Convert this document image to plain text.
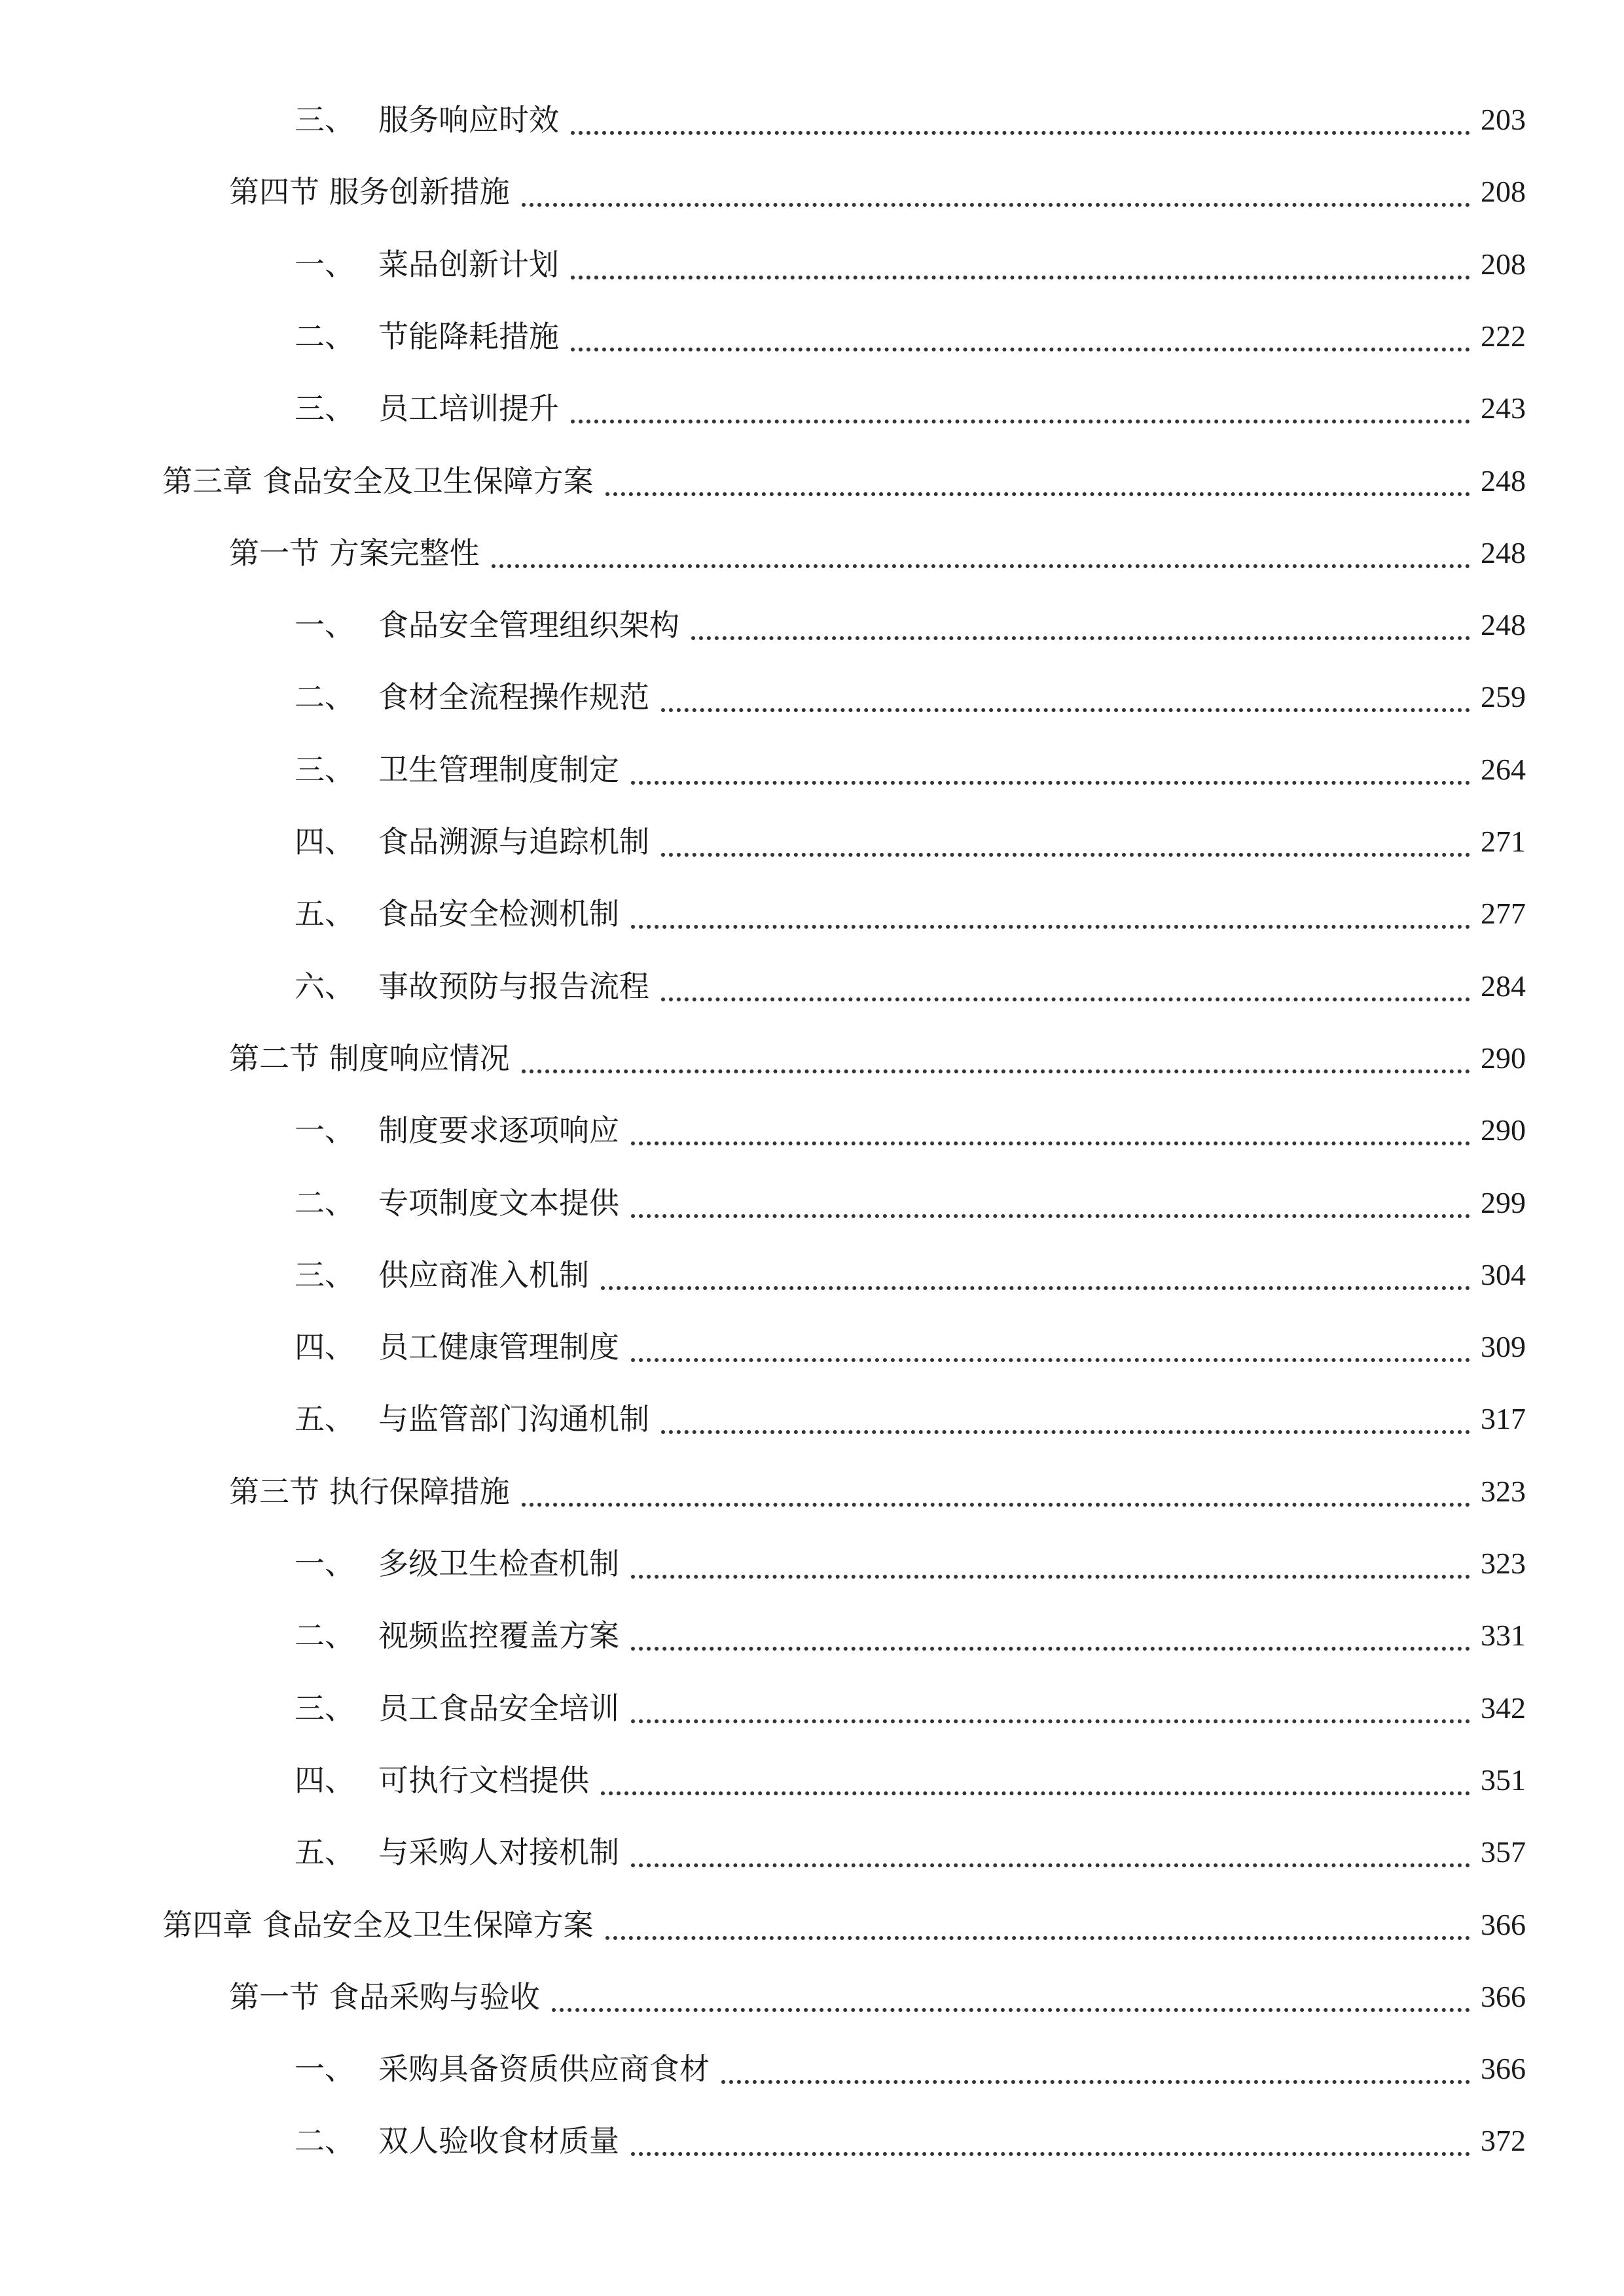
三、 服务响应时效	203
第四节 服务创新措施	208
一、 菜品创新计划	208
二、 节能降耗措施	222
三、 员工培训提升	243
第三章 食品安全及卫生保障方案	248
第一节 方案完整性	248
一、 食品安全管理组织架构	248
二、 食材全流程操作规范	259
三、 卫生管理制度制定	264
四、 食品溯源与追踪机制	271
五、 食品安全检测机制	277
六、 事故预防与报告流程	284
第二节 制度响应情况	290
一、 制度要求逐项响应	290
二、 专项制度文本提供	299
三、 供应商准入机制	304
四、 员工健康管理制度	309
五、 与监管部门沟通机制	317
第三节 执行保障措施	323
一、 多级卫生检查机制	323
二、 视频监控覆盖方案	331
三、 员工食品安全培训	342
四、 可执行文档提供	351
五、 与采购人对接机制	357
第四章 食品安全及卫生保障方案	366
第一节 食品采购与验收	366
一、 采购具备资质供应商食材	366
二、 双人验收食材质量	372
